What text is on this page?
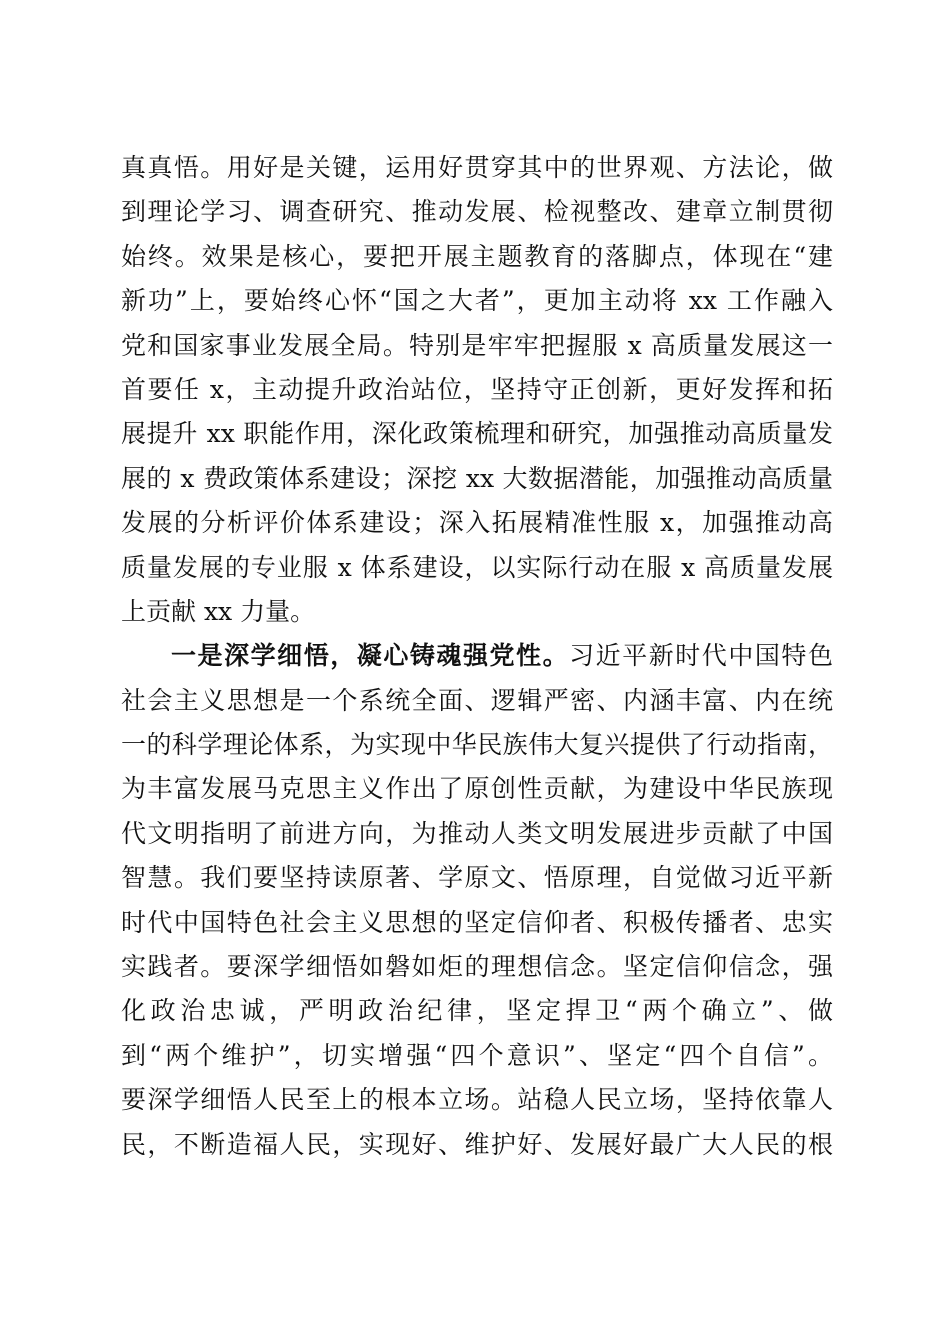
真真悟。用好是关键，运用好贯穿其中的世界观、方法论，做
到理论学习、调查研究、推动发展、检视整改、建章立制贯彻
始终。效果是核心，要把开展主题教育的落脚点，体现在“建
新功”上，要始终心怀“国之大者”，更加主动将 xx 工作融入
党和国家事业发展全局。特别是牢牢把握服 x 高质量发展这一
首要任 x，主动提升政治站位，坚持守正创新，更好发挥和拓
展提升 xx 职能作用，深化政策梳理和研究，加强推动高质量发
展的 x 费政策体系建设；深挖 xx 大数据潜能，加强推动高质量
发展的分析评价体系建设；深入拓展精准性服 x，加强推动高
质量发展的专业服 x 体系建设，以实际行动在服 x 高质量发展
上贡献 xx 力量。
一是深学细悟，凝心铸魂强党性。习近平新时代中国特色
社会主义思想是一个系统全面、逻辑严密、内涵丰富、内在统
一的科学理论体系，为实现中华民族伟大复兴提供了行动指南，
为丰富发展马克思主义作出了原创性贡献，为建设中华民族现
代文明指明了前进方向，为推动人类文明发展进步贡献了中国
智慧。我们要坚持读原著、学原文、悟原理，自觉做习近平新
时代中国特色社会主义思想的坚定信仰者、积极传播者、忠实
实践者。要深学细悟如磐如炬的理想信念。坚定信仰信念，强
化政治忠诚，严明政治纪律，坚定捍卫“两个确立”、做
到“两个维护”，切实增强“四个意识”、坚定“四个自信”。
要深学细悟人民至上的根本立场。站稳人民立场，坚持依靠人
民，不断造福人民，实现好、维护好、发展好最广大人民的根
